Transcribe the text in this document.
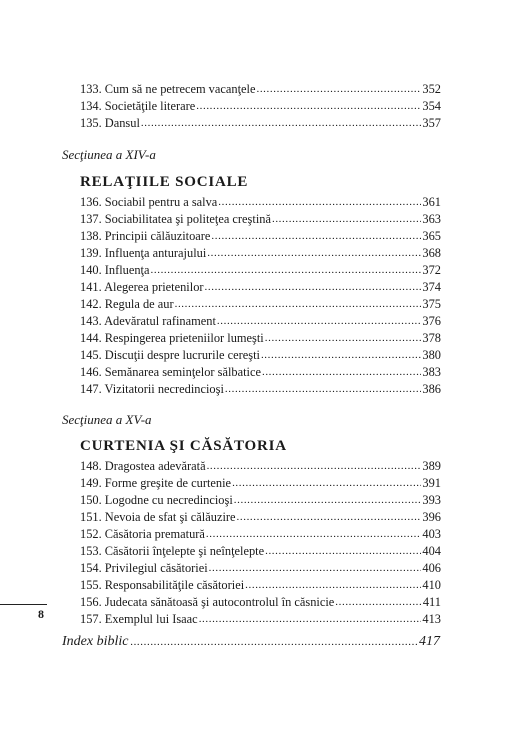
133. Cum să ne petrecem vacanţele .....	352
134. Societăţile literare .....	354
135. Dansul .....	357
Secţiunea a XIV-a
RELAŢIILE SOCIALE
136. Sociabil pentru a salva .....	361
137. Sociabilitatea şi politeţea creştină .....	363
138. Principii călăuzitoare .....	365
139. Influenţa anturajului .....	368
140. Influenţa .....	372
141. Alegerea prietenilor .....	374
142. Regula de aur .....	375
143. Adevăratul rafinament .....	376
144. Respingerea prieteniilor lumeşti .....	378
145. Discuţii despre lucrurile cereşti .....	380
146. Semănarea seminţelor sălbatice .....	383
147. Vizitatorii necredincioşi .....	386
Secţiunea a XV-a
CURTENIA ŞI CĂSĂTORIA
148. Dragostea adevărată .....	389
149. Forme greşite de curtenie .....	391
150. Logodne cu necredincioşi .....	393
151. Nevoia de sfat şi călăuzire .....	396
152. Căsătoria prematură .....	403
153. Căsătorii înţelepte şi neînţelepte .....	404
154. Privilegiul căsătoriei .....	406
155. Responsabilităţile căsătoriei .....	410
156. Judecata sănătoasă şi autocontrolul în căsnicie .....	411
157. Exemplul lui Isaac .....	413
8
Index biblic .....	417
